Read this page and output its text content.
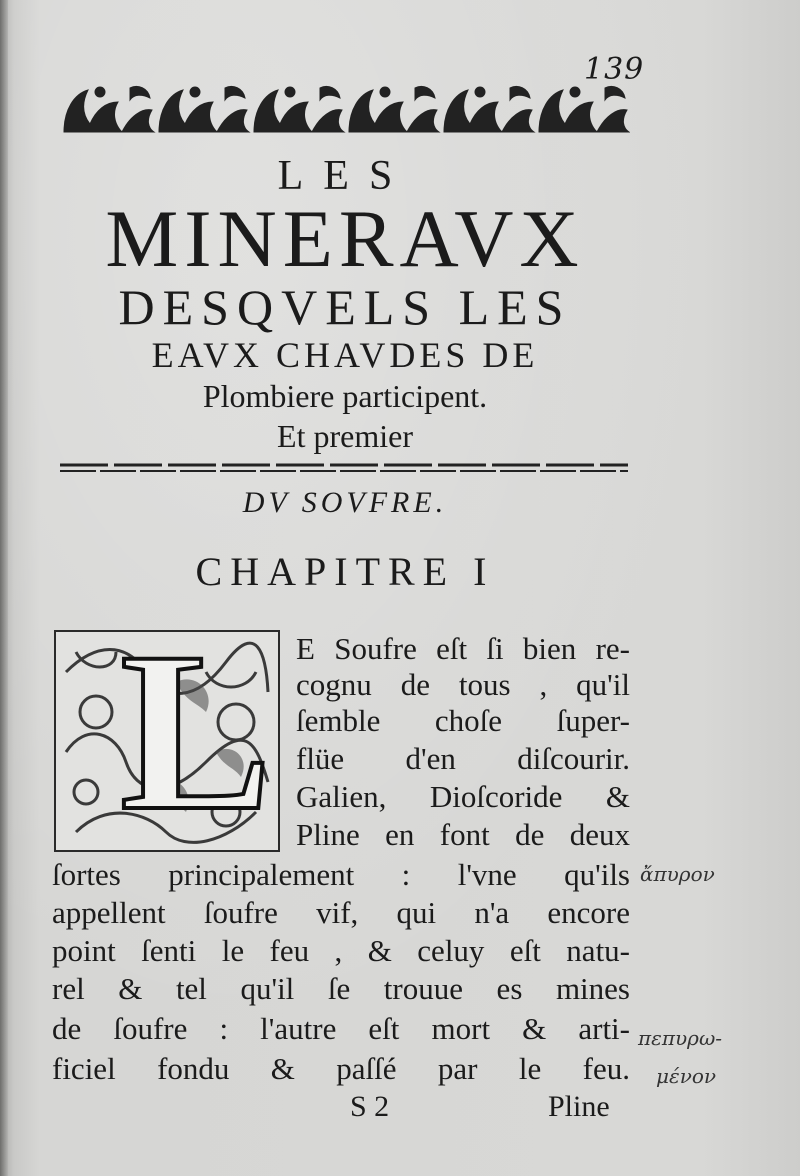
139
LES
MINERAVX
DESQVELS LES
EAVX CHAVDES DE
Plombiere participent.
Et premier
DV SOVFRE.
CHAPITRE I
L E Soufre eſt ſi bien re-
cognu de tous , qu'il
ſemble choſe ſuper-
flüe d'en diſcourir.
Galien, Dioſcoride &
Pline en font de deux
ſortes principalement : l'vne qu'ils
appellent ſoufre vif, qui n'a encore
point ſenti le feu , & celuy eſt natu-
rel & tel qu'il ſe trouue es mines
de ſoufre : l'autre eſt mort & arti-
ficiel fondu & paſſé par le feu.
ἄπυρον
πεπυρω-
μένον
S 2	Pline
